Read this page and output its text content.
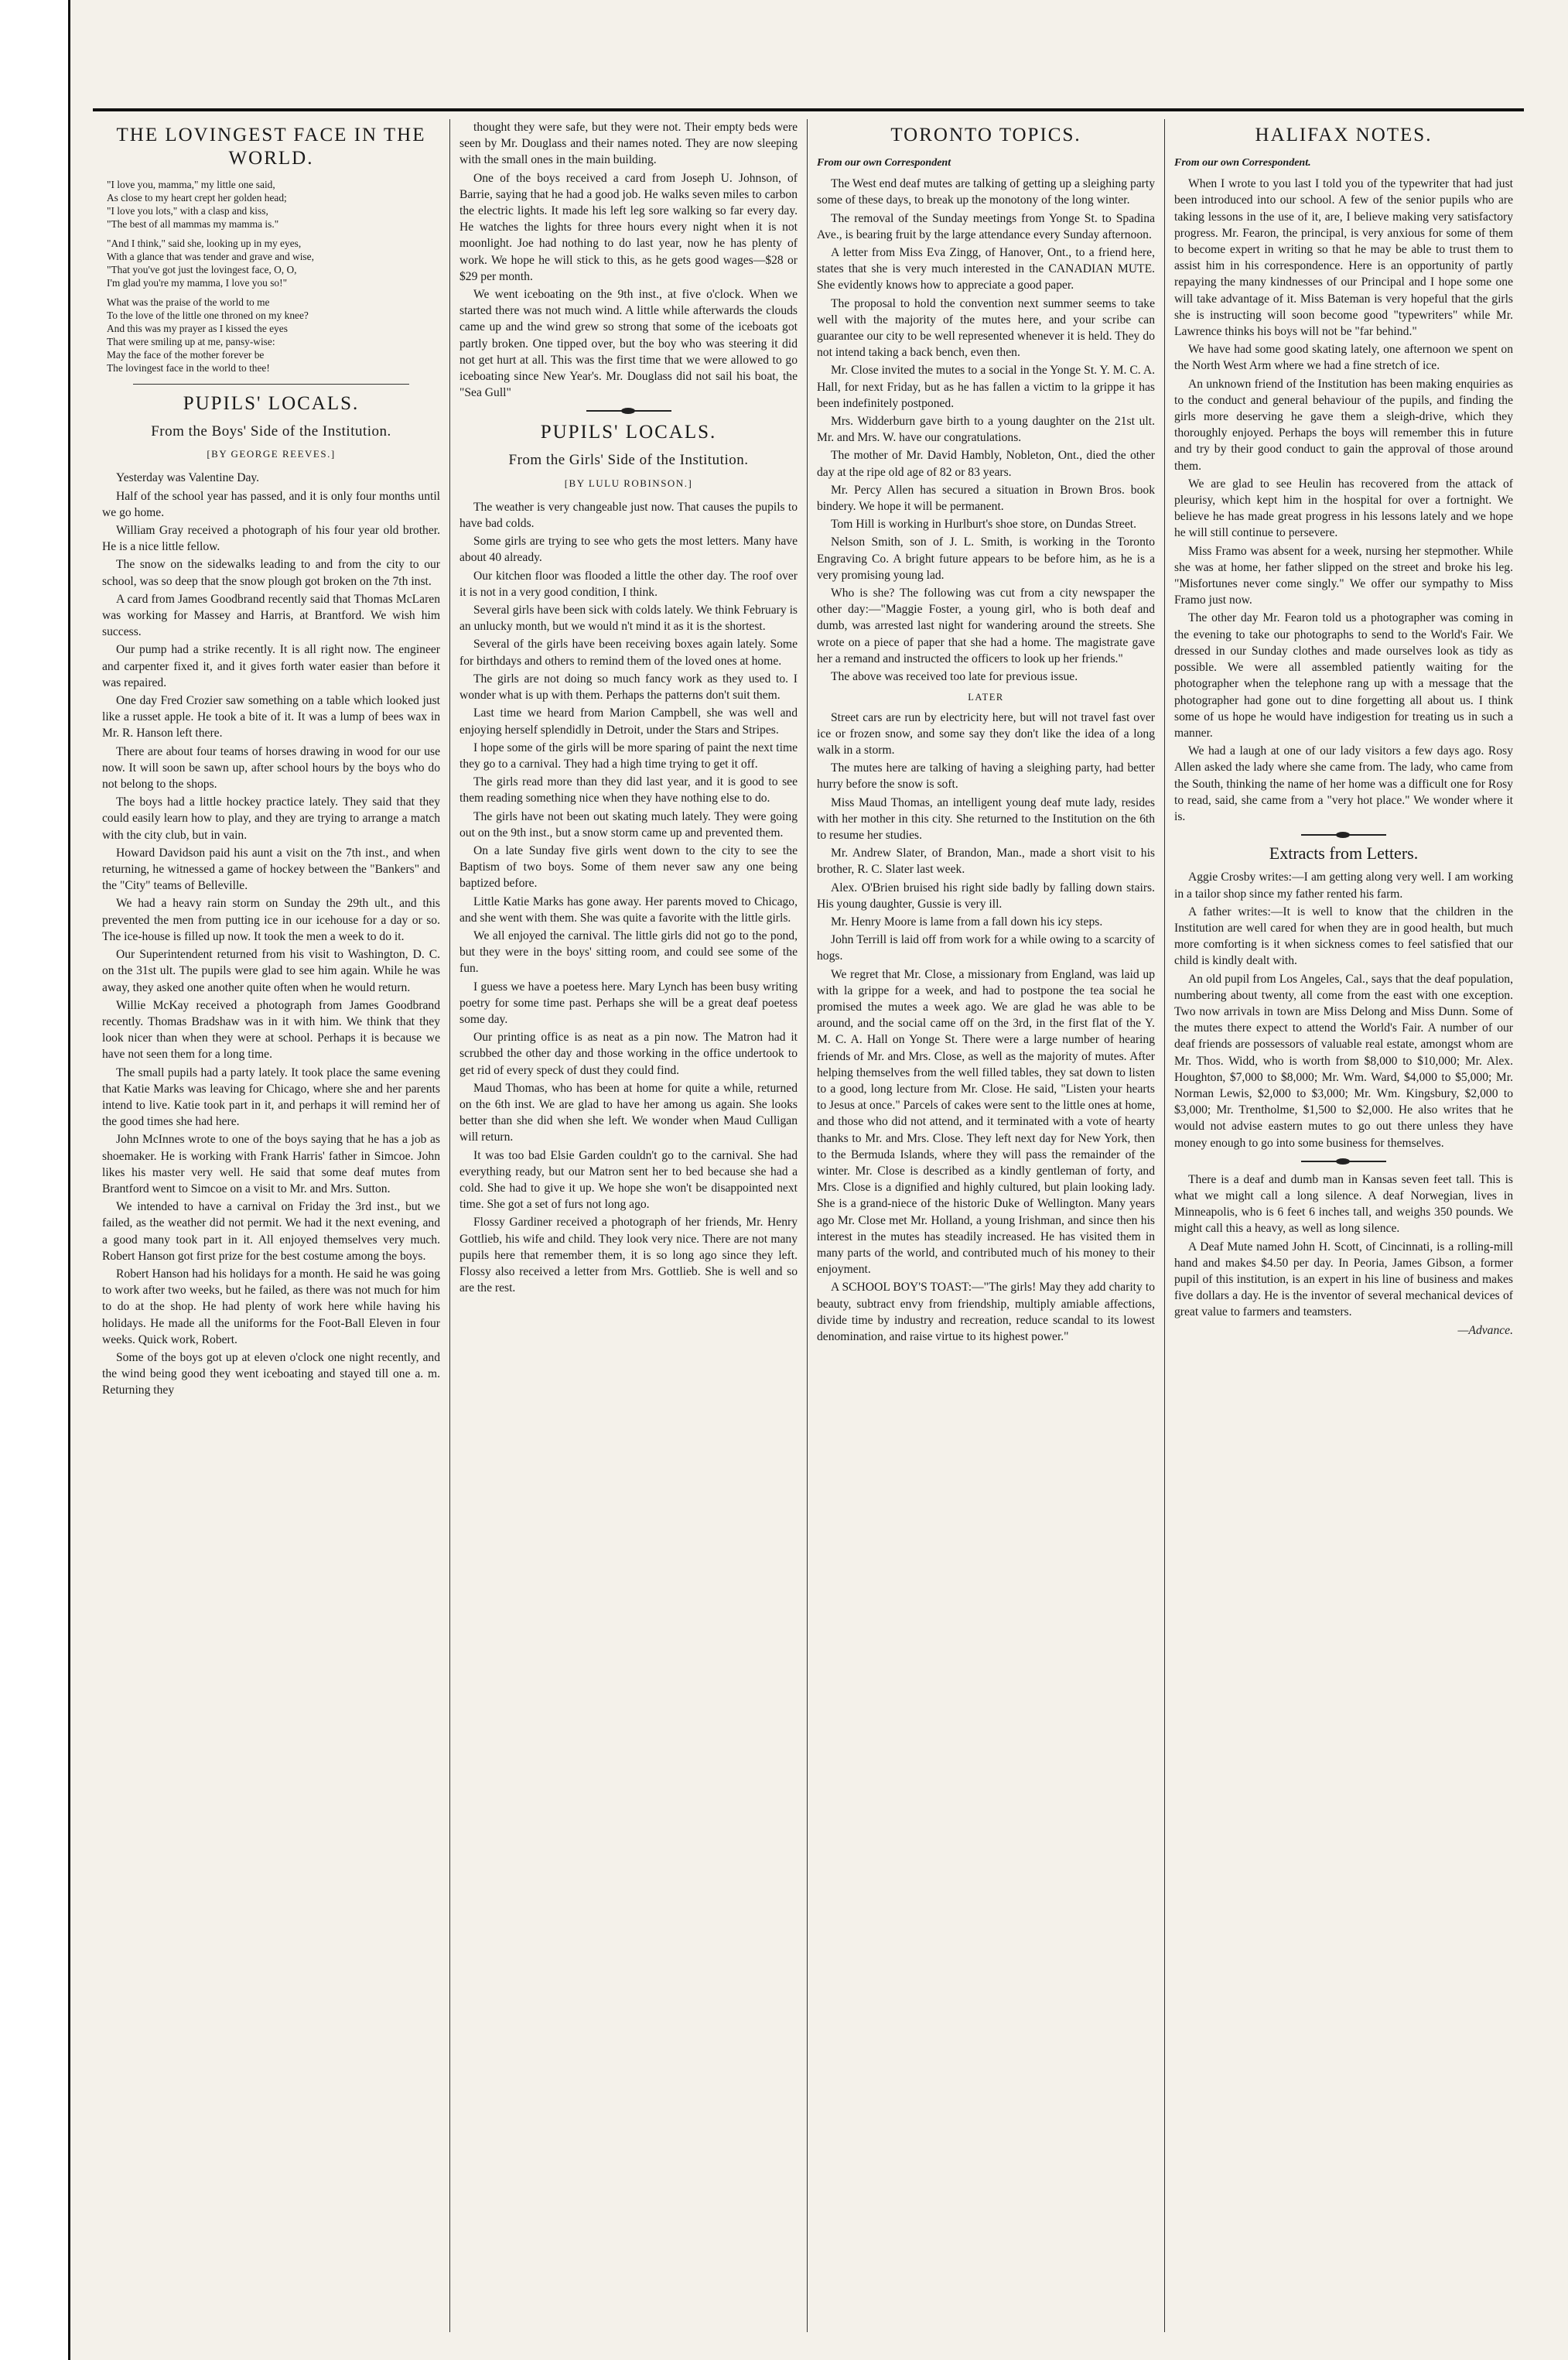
THE LOVINGEST FACE IN THE WORLD.
"I love you, mamma," my little one said,
As close to my heart crept her golden head;
"I love you lots," with a clasp and kiss,
"The best of all mammas my mamma is."
"And I think," said she, looking up in my eyes,
With a glance that was tender and grave and wise,
"That you've got just the lovingest face, O, O,
I'm glad you're my mamma, I love you so!"
What was the praise of the world to me
To the love of the little one throned on my knee?
And this was my prayer as I kissed the eyes
That were smiling up at me, pansy-wise:
May the face of the mother forever be
The lovingest face in the world to thee!
PUPILS' LOCALS.
From the Boys' Side of the Institution.
[BY GEORGE REEVES.]

Yesterday was Valentine Day.

Half of the school year has passed, and it is only four months until we go home.

William Gray received a photograph of his four year old brother. He is a nice little fellow.

The snow on the sidewalks leading to and from the city to our school, was so deep that the snow plough got broken on the 7th inst.

A card from James Goodbrand recently said that Thomas McLaren was working for Massey and Harris, at Brantford. We wish him success.

Our pump had a strike recently. It is all right now. The engineer and carpenter fixed it, and it gives forth water easier than before it was repaired.

One day Fred Crozier saw something on a table which looked just like a russet apple. He took a bite of it. It was a lump of bees wax in Mr. R. Hanson left there.

There are about four teams of horses drawing in wood for our use now. It will soon be sawn up, after school hours by the boys who do not belong to the shops.

The boys had a little hockey practice lately. They said that they could easily learn how to play, and they are trying to arrange a match with the city club, but in vain.

Howard Davidson paid his aunt a visit on the 7th inst., and when returning, he witnessed a game of hockey between the "Bankers" and the "City" teams of Belleville.

We had a heavy rain storm on Sunday the 29th ult., and this prevented the men from putting ice in our icehouse for a day or so. The ice-house is filled up now. It took the men a week to do it.

Our Superintendent returned from his visit to Washington, D. C. on the 31st ult. The pupils were glad to see him again. While he was away, they asked one another quite often when he would return.

Willie McKay received a photograph from James Goodbrand recently. Thomas Bradshaw was in it with him. We think that they look nicer than when they were at school. Perhaps it is because we have not seen them for a long time.

The small pupils had a party lately. It took place the same evening that Katie Marks was leaving for Chicago, where she and her parents intend to live. Katie took part in it, and perhaps it will remind her of the good times she had here.

John McInnes wrote to one of the boys saying that he has a job as shoemaker. He is working with Frank Harris' father in Simcoe. John likes his master very well. He said that some deaf mutes from Brantford went to Simcoe on a visit to Mr. and Mrs. Sutton.

We intended to have a carnival on Friday the 3rd inst., but we failed, as the weather did not permit. We had it the next evening, and a good many took part in it. All enjoyed themselves very much. Robert Hanson got first prize for the best costume among the boys.

Robert Hanson had his holidays for a month. He said he was going to work after two weeks, but he failed, as there was not much for him to do at the shop. He had plenty of work here while having his holidays. He made all the uniforms for the Foot-Ball Eleven in four weeks. Quick work, Robert.

Some of the boys got up at eleven o'clock one night recently, and the wind being good they went iceboating and stayed till one a. m. Returning they

thought they were safe, but they were not. Their empty beds were seen by Mr. Douglass and their names noted. They are now sleeping with the small ones in the main building.

One of the boys received a card from Joseph U. Johnson, of Barrie, saying that he had a good job. He walks seven miles to carbon the electric lights. It made his left leg sore walking so far every day. He watches the lights for three hours every night when it is not moonlight. Joe had nothing to do last year, now he has plenty of work. We hope he will stick to this, as he gets good wages—$28 or $29 per month.

We went iceboating on the 9th inst., at five o'clock. When we started there was not much wind. A little while afterwards the clouds came up and the wind grew so strong that some of the iceboats got partly broken. One tipped over, but the boy who was steering it did not get hurt at all. This was the first time that we were allowed to go iceboating since New Year's. Mr. Douglass did not sail his boat, the "Sea Gull"

PUPILS' LOCALS.
From the Girls' Side of the Institution.
[BY LULU ROBINSON.]

The weather is very changeable just now. That causes the pupils to have bad colds.

Some girls are trying to see who gets the most letters. Many have about 40 already.

Our kitchen floor was flooded a little the other day. The roof over it is not in a very good condition, I think.

Several girls have been sick with colds lately. We think February is an unlucky month, but we would n't mind it as it is the shortest.

Several of the girls have been receiving boxes again lately. Some for birthdays and others to remind them of the loved ones at home.

The girls are not doing so much fancy work as they used to. I wonder what is up with them. Perhaps the patterns don't suit them.

Last time we heard from Marion Campbell, she was well and enjoying herself splendidly in Detroit, under the Stars and Stripes.

I hope some of the girls will be more sparing of paint the next time they go to a carnival. They had a high time trying to get it off.

The girls read more than they did last year, and it is good to see them reading something nice when they have nothing else to do.

The girls have not been out skating much lately. They were going out on the 9th inst., but a snow storm came up and prevented them.

On a late Sunday five girls went down to the city to see the Baptism of two boys. Some of them never saw any one being baptized before.

Little Katie Marks has gone away. Her parents moved to Chicago, and she went with them. She was quite a favorite with the little girls.

We all enjoyed the carnival. The little girls did not go to the pond, but they were in the boys' sitting room, and could see some of the fun.

I guess we have a poetess here. Mary Lynch has been busy writing poetry for some time past. Perhaps she will be a great deaf poetess some day.

Our printing office is as neat as a pin now. The Matron had it scrubbed the other day and those working in the office undertook to get rid of every speck of dust they could find.

Maud Thomas, who has been at home for quite a while, returned on the 6th inst. We are glad to have her among us again. She looks better than she did when she left. We wonder when Maud Culligan will return.

It was too bad Elsie Garden couldn't go to the carnival. She had everything ready, but our Matron sent her to bed because she had a cold. She had to give it up. We hope she won't be disappointed next time. She got a set of furs not long ago.

Flossy Gardiner received a photograph of her friends, Mr. Henry Gottlieb, his wife and child. They look very nice. There are not many pupils here that remember them, it is so long ago since they left. Flossy also received a letter from Mrs. Gottlieb. She is well and so are the rest.

TORONTO TOPICS.
From our own Correspondent

The West end deaf mutes are talking of getting up a sleighing party some of these days, to break up the monotony of the long winter.

The removal of the Sunday meetings from Yonge St. to Spadina Ave., is bearing fruit by the large attendance every Sunday afternoon.

A letter from Miss Eva Zingg, of Hanover, Ont., to a friend here, states that she is very much interested in the CANADIAN MUTE. She evidently knows how to appreciate a good paper.

The proposal to hold the convention next summer seems to take well with the majority of the mutes here, and your scribe can guarantee our city to be well represented whenever it is held. They do not intend taking a back bench, even then.

Mr. Close invited the mutes to a social in the Yonge St. Y. M. C. A. Hall, for next Friday, but as he has fallen a victim to la grippe it has been indefinitely postponed.

Mrs. Widderburn gave birth to a young daughter on the 21st ult. Mr. and Mrs. W. have our congratulations.

The mother of Mr. David Hambly, Nobleton, Ont., died the other day at the ripe old age of 82 or 83 years.

Mr. Percy Allen has secured a situation in Brown Bros. book bindery. We hope it will be permanent.

Tom Hill is working in Hurlburt's shoe store, on Dundas Street.

Nelson Smith, son of J. L. Smith, is working in the Toronto Engraving Co. A bright future appears to be before him, as he is a very promising young lad.

Who is she? The following was cut from a city newspaper the other day:—"Maggie Foster, a young girl, who is both deaf and dumb, was arrested last night for wandering around the streets. She wrote on a piece of paper that she had a home. The magistrate gave her a remand and instructed the officers to look up her friends."

The above was received too late for previous issue.

LATER

Street cars are run by electricity here, but will not travel fast over ice or frozen snow, and some say they don't like the idea of a long walk in a storm.

The mutes here are talking of having a sleighing party, had better hurry before the snow is soft.

Miss Maud Thomas, an intelligent young deaf mute lady, resides with her mother in this city. She returned to the Institution on the 6th to resume her studies.

Mr. Andrew Slater, of Brandon, Man., made a short visit to his brother, R. C. Slater last week.

Alex. O'Brien bruised his right side badly by falling down stairs. His young daughter, Gussie is very ill.

Mr. Henry Moore is lame from a fall down his icy steps.

John Terrill is laid off from work for a while owing to a scarcity of hogs.

We regret that Mr. Close, a missionary from England, was laid up with la grippe for a week, and had to postpone the tea social he promised the mutes a week ago. We are glad he was able to be around, and the social came off on the 3rd, in the first flat of the Y. M. C. A. Hall on Yonge St. There were a large number of hearing friends of Mr. and Mrs. Close, as well as the majority of mutes. After helping themselves from the well filled tables, they sat down to listen to a good, long lecture from Mr. Close. He said, "Listen your hearts to Jesus at once." Parcels of cakes were sent to the little ones at home, and those who did not attend, and it terminated with a vote of hearty thanks to Mr. and Mrs. Close. They left next day for New York, then to the Bermuda Islands, where they will pass the remainder of the winter. Mr. Close is described as a kindly gentleman of forty, and Mrs. Close is a dignified and highly cultured, but plain looking lady. She is a grand-niece of the historic Duke of Wellington. Many years ago Mr. Close met Mr. Holland, a young Irishman, and since then his interest in the mutes has steadily increased. He has visited them in many parts of the world, and contributed much of his money to their enjoyment.

A SCHOOL BOY'S TOAST:—"The girls! May they add charity to beauty, subtract envy from friendship, multiply amiable affections, divide time by industry and recreation, reduce scandal to its lowest denomination, and raise virtue to its highest power."

HALIFAX NOTES.
From our own Correspondent.

When I wrote to you last I told you of the typewriter that had just been introduced into our school. A few of the senior pupils who are taking lessons in the use of it, are, I believe making very satisfactory progress. Mr. Fearon, the principal, is very anxious for some of them to become expert in writing so that he may be able to trust them to assist him in his correspondence. Here is an opportunity of partly repaying the many kindnesses of our Principal and I hope some one will take advantage of it. Miss Bateman is very hopeful that the girls she is instructing will soon become good "typewriters" while Mr. Lawrence thinks his boys will not be "far behind."

We have had some good skating lately, one afternoon we spent on the North West Arm where we had a fine stretch of ice.

An unknown friend of the Institution has been making enquiries as to the conduct and general behaviour of the pupils, and finding the girls more deserving he gave them a sleigh-drive, which they thoroughly enjoyed. Perhaps the boys will remember this in future and try by their good conduct to gain the approval of those around them.

We are glad to see Heulin has recovered from the attack of pleurisy, which kept him in the hospital for over a fortnight. We believe he has made great progress in his lessons lately and we hope he will still continue to persevere.

Miss Framo was absent for a week, nursing her stepmother. While she was at home, her father slipped on the street and broke his leg. "Misfortunes never come singly." We offer our sympathy to Miss Framo just now.

The other day Mr. Fearon told us a photographer was coming in the evening to take our photographs to send to the World's Fair. We dressed in our Sunday clothes and made ourselves look as tidy as possible. We were all assembled patiently waiting for the photographer when the telephone rang up with a message that the photographer had gone out to dine forgetting all about us. I think some of us hope he would have indigestion for treating us in such a manner.

We had a laugh at one of our lady visitors a few days ago. Rosy Allen asked the lady where she came from. The lady, who came from the South, thinking the name of her home was a difficult one for Rosy to read, said, she came from a "very hot place." We wonder where it is.

Extracts from Letters.

Aggie Crosby writes:—I am getting along very well. I am working in a tailor shop since my father rented his farm.

A father writes:—It is well to know that the children in the Institution are well cared for when they are in good health, but much more comforting is it when sickness comes to feel satisfied that our child is kindly dealt with.

An old pupil from Los Angeles, Cal., says that the deaf population, numbering about twenty, all come from the east with one exception. Two now arrivals in town are Miss Delong and Miss Dunn. Some of the mutes there expect to attend the World's Fair. A number of our deaf friends are possessors of valuable real estate, amongst whom are Mr. Thos. Widd, who is worth from $8,000 to $10,000; Mr. Alex. Houghton, $7,000 to $8,000; Mr. Wm. Ward, $4,000 to $5,000; Mr. Norman Lewis, $2,000 to $3,000; Mr. Wm. Kingsbury, $2,000 to $3,000; Mr. Trentholme, $1,500 to $2,000. He also writes that he would not advise eastern mutes to go out there unless they have money enough to go into some business for themselves.

There is a deaf and dumb man in Kansas seven feet tall. This is what we might call a long silence. A deaf Norwegian, lives in Minneapolis, who is 6 feet 6 inches tall, and weighs 350 pounds. We might call this a heavy, as well as long silence.

A Deaf Mute named John H. Scott, of Cincinnati, is a rolling-mill hand and makes $4.50 per day. In Peoria, James Gibson, a former pupil of this institution, is an expert in his line of business and makes five dollars a day. He is the inventor of several mechanical devices of great value to farmers and teamsters.

—Advance.
